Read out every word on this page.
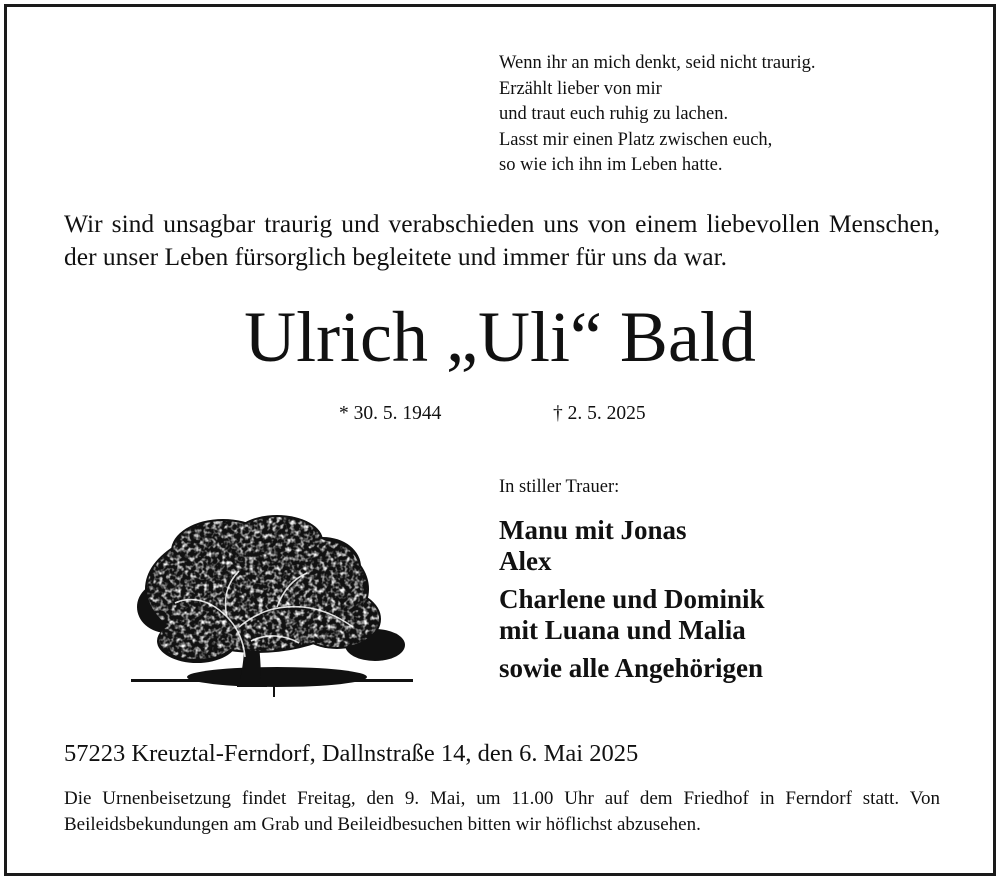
Wenn ihr an mich denkt, seid nicht traurig.
Erzählt lieber von mir
und traut euch ruhig zu lachen.
Lasst mir einen Platz zwischen euch,
so wie ich ihn im Leben hatte.
Wir sind unsagbar traurig und verabschieden uns von einem liebevollen Menschen, der unser Leben fürsorglich begleitete und immer für uns da war.
Ulrich „Uli“ Bald
* 30. 5. 1944	† 2. 5. 2025
In stiller Trauer:
Manu mit Jonas
Alex
Charlene und Dominik
mit Luana und Malia
sowie alle Angehörigen
57223 Kreuztal-Ferndorf, Dallnstraße 14, den 6. Mai 2025
Die Urnenbeisetzung findet Freitag, den 9. Mai, um 11.00 Uhr auf dem Friedhof in Ferndorf statt. Von Beileidsbekundungen am Grab und Beileidbesuchen bitten wir höflichst abzusehen.
